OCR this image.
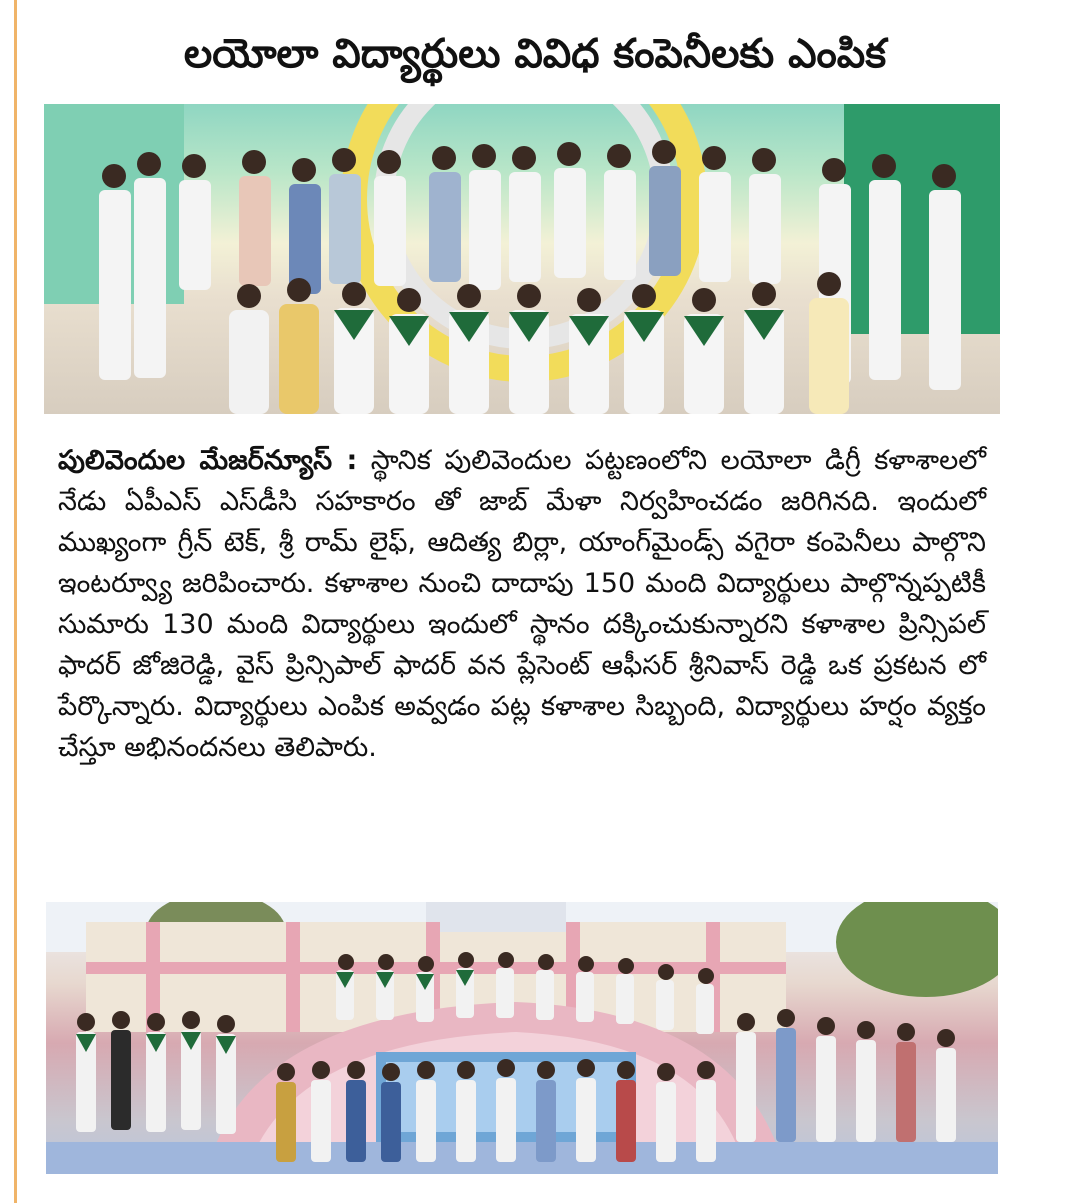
లయోలా విద్యార్థులు వివిధ కంపెనీలకు ఎంపిక
పులివెందుల మేజర్‌న్యూస్ : స్థానిక పులివెందుల పట్టణంలోని లయోలా డిగ్రీ కళాశాలలో నేడు ఏపీఎస్ ఎస్‌డీసి సహకారం తో జాబ్ మేళా నిర్వహించడం జరిగినది. ఇందులో ముఖ్యంగా గ్రీన్ టెక్, శ్రీ రామ్ లైఫ్, ఆదిత్య బిర్లా, యాంగ్‌మైండ్స్ వగైరా కంపెనీలు పాల్గొని ఇంటర్వ్యూ జరిపించారు. కళాశాల నుంచి దాదాపు 150 మంది విద్యార్థులు పాల్గొన్నప్పటికీ సుమారు 130 మంది విద్యార్థులు ఇందులో స్థానం దక్కించుకున్నారని కళాశాల ప్రిన్సిపల్ ఫాదర్ జోజిరెడ్డి, వైస్ ప్రిన్సిపాల్ ఫాదర్ వన ప్లేసెంట్ ఆఫీసర్ శ్రీనివాస్ రెడ్డి ఒక ప్రకటన లో పేర్కొన్నారు. విద్యార్థులు ఎంపిక అవ్వడం పట్ల కళాశాల సిబ్బంది, విద్యార్థులు హర్షం వ్యక్తం చేస్తూ అభినందనలు తెలిపారు.
